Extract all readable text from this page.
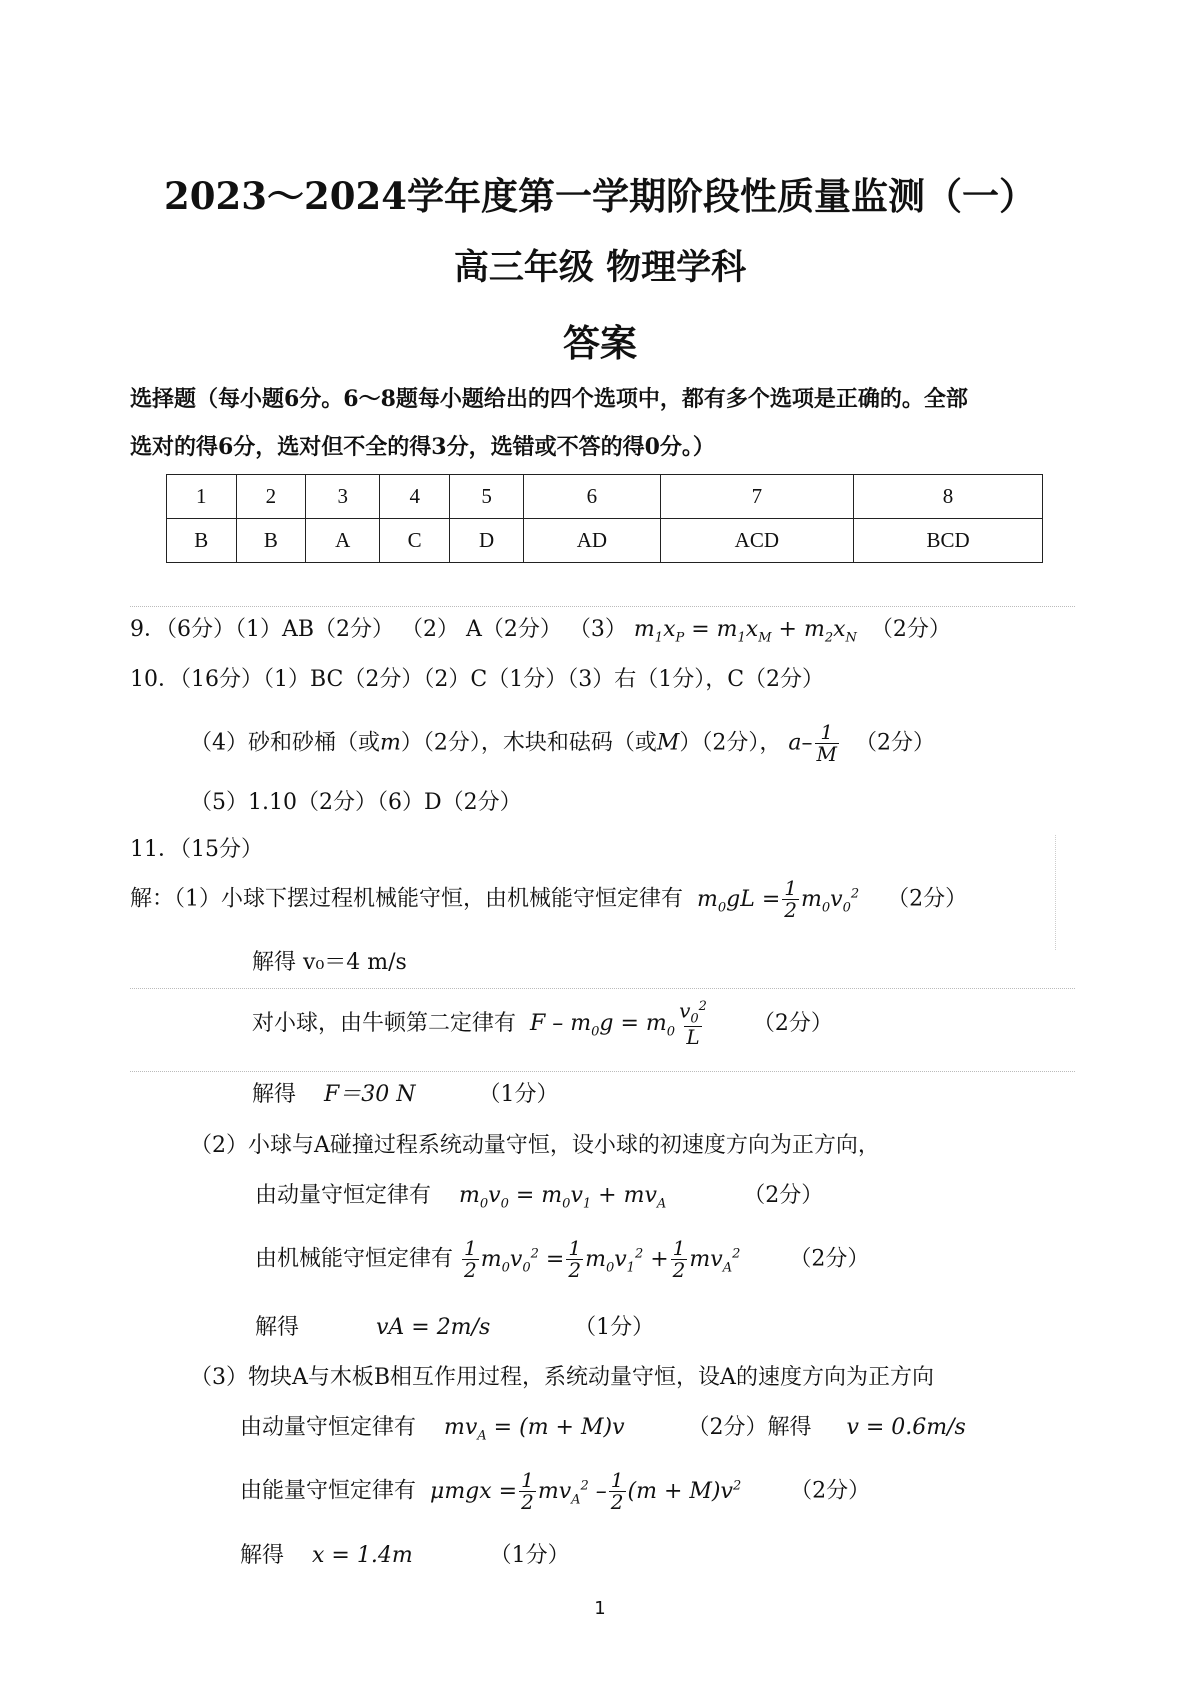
2023～2024学年度第一学期阶段性质量监测（一）
高三年级 物理学科
答案
选择题（每小题6分。6～8题每小题给出的四个选项中，都有多个选项是正确的。全部
选对的得6分，选对但不全的得3分，选错或不答的得0分。）
1	2	3	4	5	6	7	8
B	B	A	C	D	AD	ACD	BCD
9．（6分）（1）AB（2分） （2） A（2分） （3） $m_1x_P = m_1x_M + m_2x_N$ （2分）
10．（16分）（1）BC（2分）（2）C（1分）（3）右（1分），C（2分）
（4）砂和砂桶（或m）（2分），木块和砝码（或M）（2分）， $a- \frac{1}{M} (2$分）
（5）1.10（2分）（6）D（2分）
11．（15分）
解：（1）小球下摆过程机械能守恒，由机械能守恒定律有 $m_0gL = \frac{1}{2} m_0v_0^2$ （2分）
解得 v₀＝4 m/s
对小球，由牛顿第二定律有 $F - m_0g = m_0 \frac{v_0^2}{L} (2$分）
解得 F＝30 N	（1分）
（2）小球与A碰撞过程系统动量守恒，设小球的初速度方向为正方向，
由动量守恒定律有 $m_0v_0 = m_0v_1 + mv_A$	（2分）
由机械能守恒定律有 $\frac{1}{2} m_0v_0^2 = \frac{1}{2} m_0v_1^2 + \frac{1}{2} mv_A^2$ （2分）
解得	vA = 2m/s	（1分）
（3）物块A与木板B相互作用过程，系统动量守恒，设A的速度方向为正方向
由动量守恒定律有 $mv_A = (m + M)v$	（2分）解得 v = 0.6m/s
由能量守恒定律有 $\mu mgx = \frac{1}{2} mv_A^2 - \frac{1}{2} (m + M)v^2$ （2分）
解得 x = 1.4m	（1分）
1
